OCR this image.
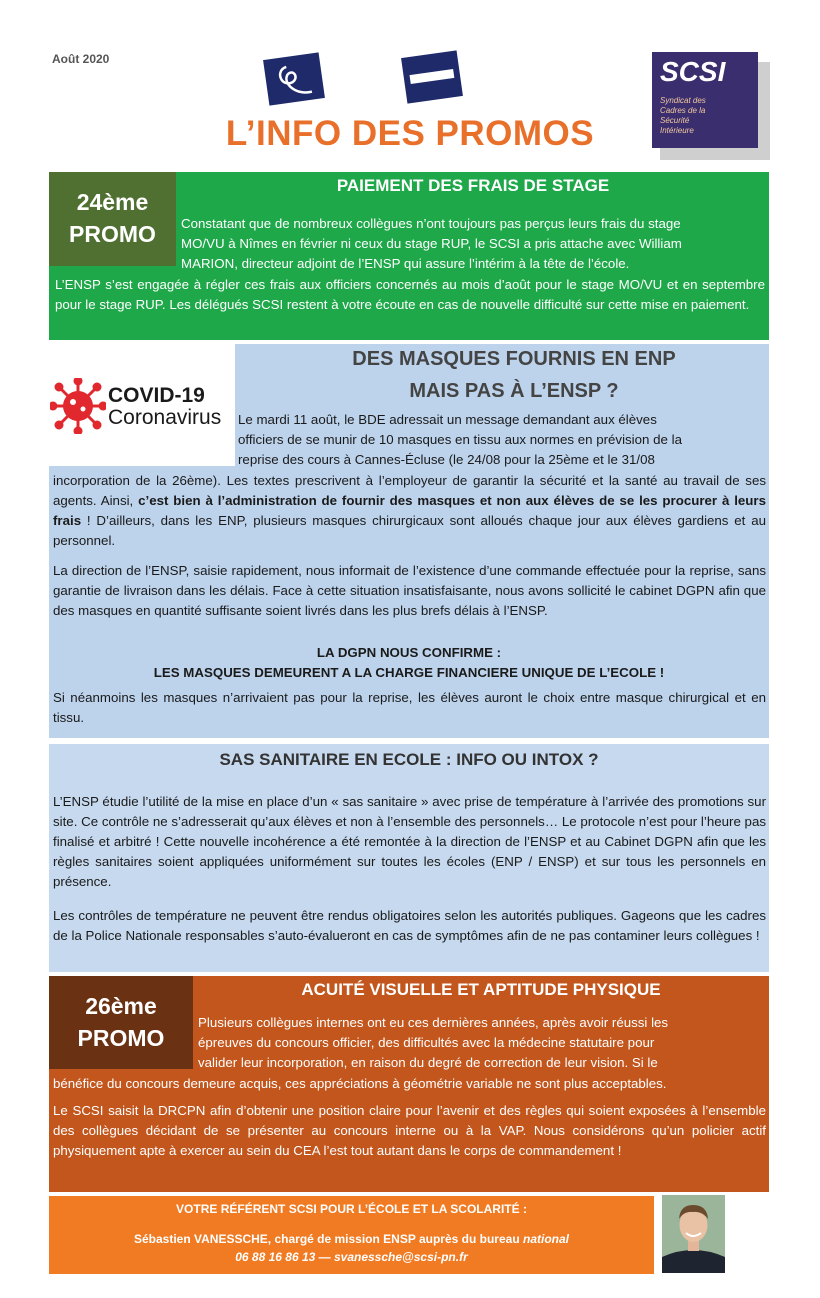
Août 2020
L’INFO DES PROMOS
SCSI
Syndicat des
Cadres de la
Sécurité
Intérieure
PAIEMENT DES FRAIS DE STAGE
Constatant que de nombreux collègues n’ont toujours pas perçus leurs frais du stage
MO/VU à Nîmes en février ni ceux du stage RUP, le SCSI a pris attache avec William
MARION, directeur adjoint de l’ENSP qui assure l’intérim à la tête de l’école.

L’ENSP s’est engagée à régler ces frais aux officiers concernés au mois d’août pour le stage MO/VU et en septembre pour le stage RUP. Les délégués SCSI restent à votre écoute en cas de nouvelle difficulté sur cette mise en paiement.

24ème
PROMO
COVID-19
Coronavirus
DES MASQUES FOURNIS EN ENP
MAIS PAS À L’ENSP ?
Le mardi 11 août, le BDE adressait un message demandant aux élèves
officiers de se munir de 10 masques en tissu aux normes en prévision de la
reprise des cours à Cannes-Écluse (le 24/08 pour la 25ème et le 31/08

incorporation de la 26ème). Les textes prescrivent à l’employeur de garantir la sécurité et la santé au travail de ses agents. Ainsi, c’est bien à l’administration de fournir des masques et non aux élèves de se les procurer à leurs frais ! D’ailleurs, dans les ENP, plusieurs masques chirurgicaux sont alloués chaque jour aux élèves gardiens et au personnel.

La direction de l’ENSP, saisie rapidement, nous informait de l’existence d’une commande effectuée pour la reprise, sans garantie de livraison dans les délais. Face à cette situation insatisfaisante, nous avons sollicité le cabinet DGPN afin que des masques en quantité suffisante soient livrés dans les plus brefs délais à l’ENSP.

LA DGPN NOUS CONFIRME :
LES MASQUES DEMEURENT A LA CHARGE FINANCIERE UNIQUE DE L’ECOLE !

Si néanmoins les masques n’arrivaient pas pour la reprise, les élèves auront le choix entre masque chirurgical et en tissu.

SAS SANITAIRE EN ECOLE : INFO OU INTOX ?

L’ENSP étudie l’utilité de la mise en place d’un « sas sanitaire » avec prise de température à l’arrivée des promotions sur site. Ce contrôle ne s’adresserait qu’aux élèves et non à l’ensemble des personnels… Le protocole n’est pour l’heure pas finalisé et arbitré ! Cette nouvelle incohérence a été remontée à la direction de l’ENSP et au Cabinet DGPN afin que les règles sanitaires soient appliquées uniformément sur toutes les écoles (ENP / ENSP) et sur tous les personnels en présence.

Les contrôles de température ne peuvent être rendus obligatoires selon les autorités publiques. Gageons que les cadres de la Police Nationale responsables s’auto-évalueront en cas de symptômes afin de ne pas contaminer leurs collègues !

26ème
PROMO
ACUITÉ VISUELLE ET APTITUDE PHYSIQUE
Plusieurs collègues internes ont eu ces dernières années, après avoir réussi les
épreuves du concours officier, des difficultés avec la médecine statutaire pour
valider leur incorporation, en raison du degré de correction de leur vision. Si le

bénéfice du concours demeure acquis, ces appréciations à géométrie variable ne sont plus acceptables.

Le SCSI saisit la DRCPN afin d’obtenir une position claire pour l’avenir et des règles qui soient exposées à l’ensemble des collègues décidant de se présenter au concours interne ou à la VAP. Nous considérons qu’un policier actif physiquement apte à exercer au sein du CEA l’est tout autant dans le corps de commandement !

VOTRE RÉFÉRENT SCSI POUR L’ÉCOLE ET LA SCOLARITÉ :
Sébastien VANESSCHE, chargé de mission ENSP auprès du bureau national
06 88 16 86 13 — svanessche@scsi-pn.fr
